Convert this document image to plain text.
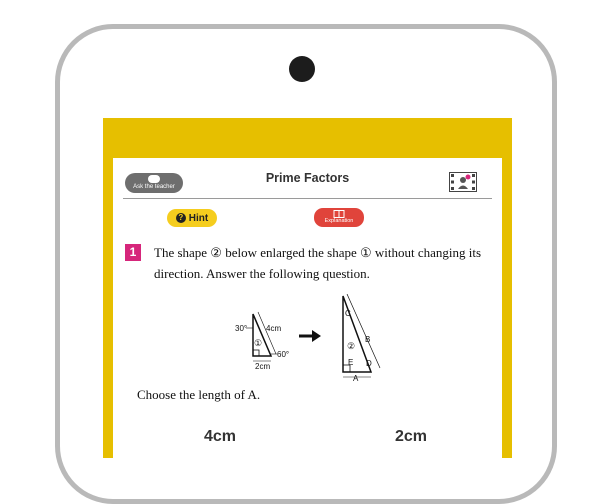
Ask the teacher
Prime Factors
? Hint	Explanation
1	The shape ② below enlarged the shape ① without changing its direction. Answer the following question.
30° 4cm
①
2cm
60°
C
B
②
E D
A
Choose the length of A.
4cm	2cm
